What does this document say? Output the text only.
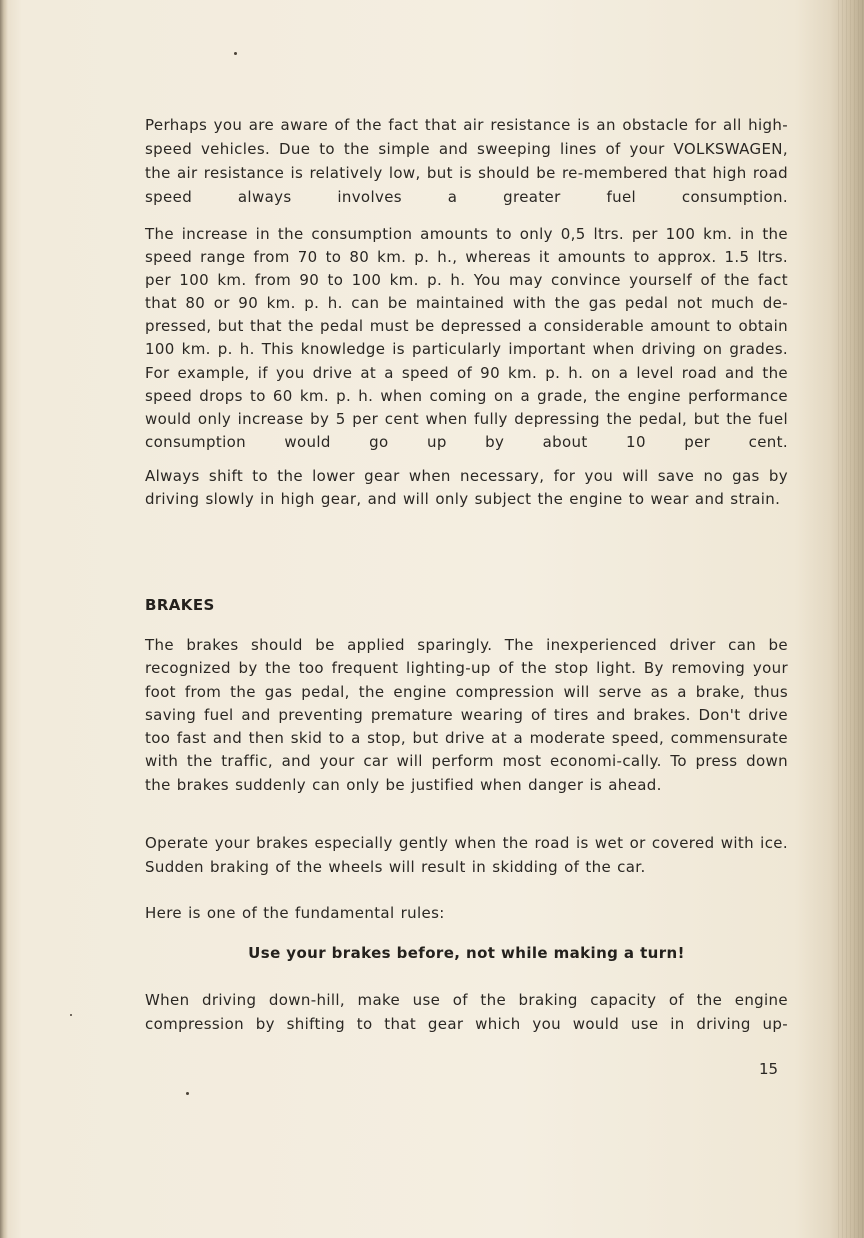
Perhaps you are aware of the fact that air resistance is an obstacle for all high-speed vehicles. Due to the simple and sweeping lines of your VOLKSWAGEN, the air resistance is relatively low, but is should be re-membered that high road speed always involves a greater fuel consumption.

The increase in the consumption amounts to only 0,5 ltrs. per 100 km. in the speed range from 70 to 80 km. p. h., whereas it amounts to approx. 1.5 ltrs. per 100 km. from 90 to 100 km. p. h. You may convince yourself of the fact that 80 or 90 km. p. h. can be maintained with the gas pedal not much de-pressed, but that the pedal must be depressed a considerable amount to obtain 100 km. p. h. This knowledge is particularly important when driving on grades. For example, if you drive at a speed of 90 km. p. h. on a level road and the speed drops to 60 km. p. h. when coming on a grade, the engine performance would only increase by 5 per cent when fully depressing the pedal, but the fuel consumption would go up by about 10 per cent.

Always shift to the lower gear when necessary, for you will save no gas by driving slowly in high gear, and will only subject the engine to wear and strain.

BRAKES

The brakes should be applied sparingly. The inexperienced driver can be recognized by the too frequent lighting-up of the stop light. By removing your foot from the gas pedal, the engine compression will serve as a brake, thus saving fuel and preventing premature wearing of tires and brakes. Don't drive too fast and then skid to a stop, but drive at a moderate speed, commensurate with the traffic, and your car will perform most economi-cally. To press down the brakes suddenly can only be justified when danger is ahead.

Operate your brakes especially gently when the road is wet or covered with ice. Sudden braking of the wheels will result in skidding of the car.

Here is one of the fundamental rules:

Use your brakes before, not while making a turn!

When driving down-hill, make use of the braking capacity of the engine compression by shifting to that gear which you would use in driving up-

15
